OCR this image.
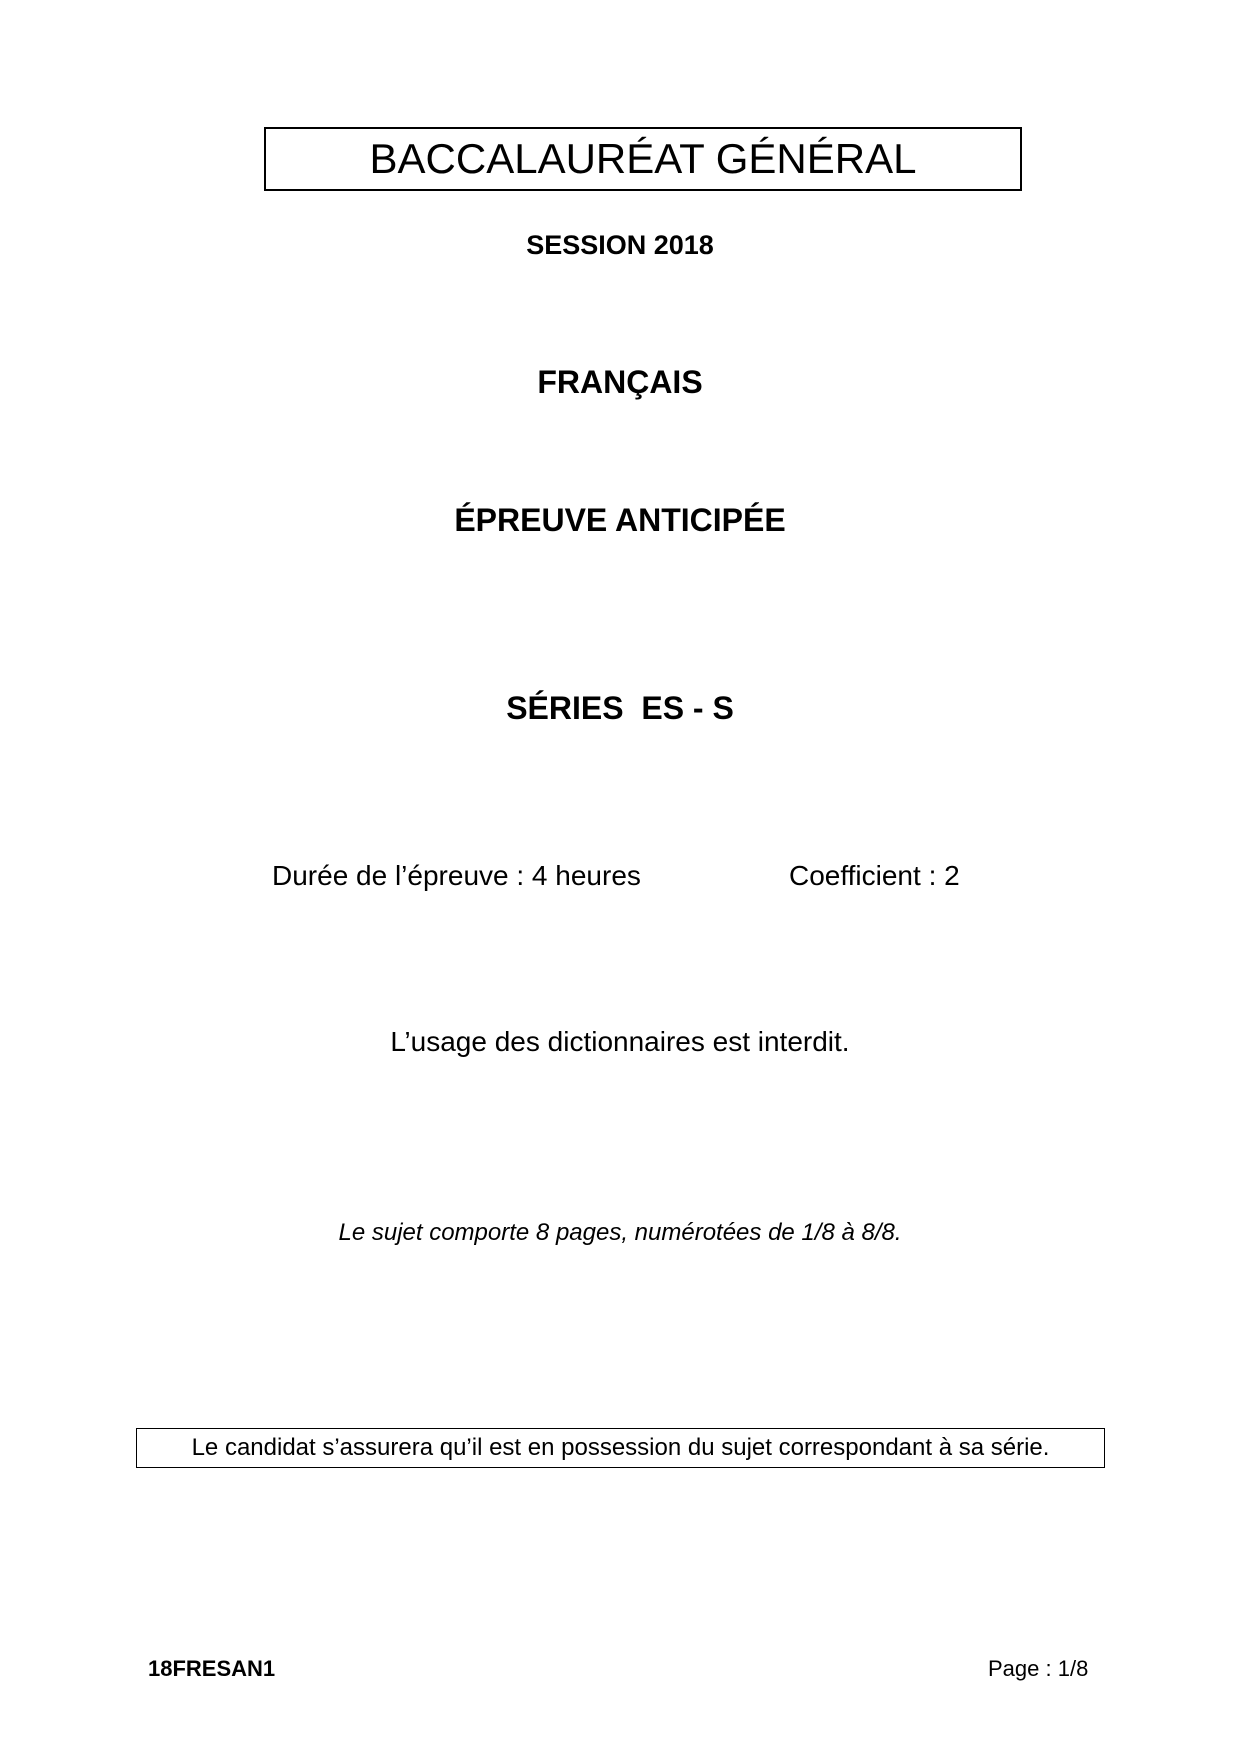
BACCALAURÉAT GÉNÉRAL
SESSION 2018
FRANÇAIS
ÉPREUVE ANTICIPÉE
SÉRIES  ES - S
Durée de l’épreuve : 4 heures	Coefficient : 2
L’usage des dictionnaires est interdit.
Le sujet comporte 8 pages, numérotées de 1/8 à 8/8.
Le candidat s’assurera qu’il est en possession du sujet correspondant à sa série.
18FRESAN1	Page : 1/8
